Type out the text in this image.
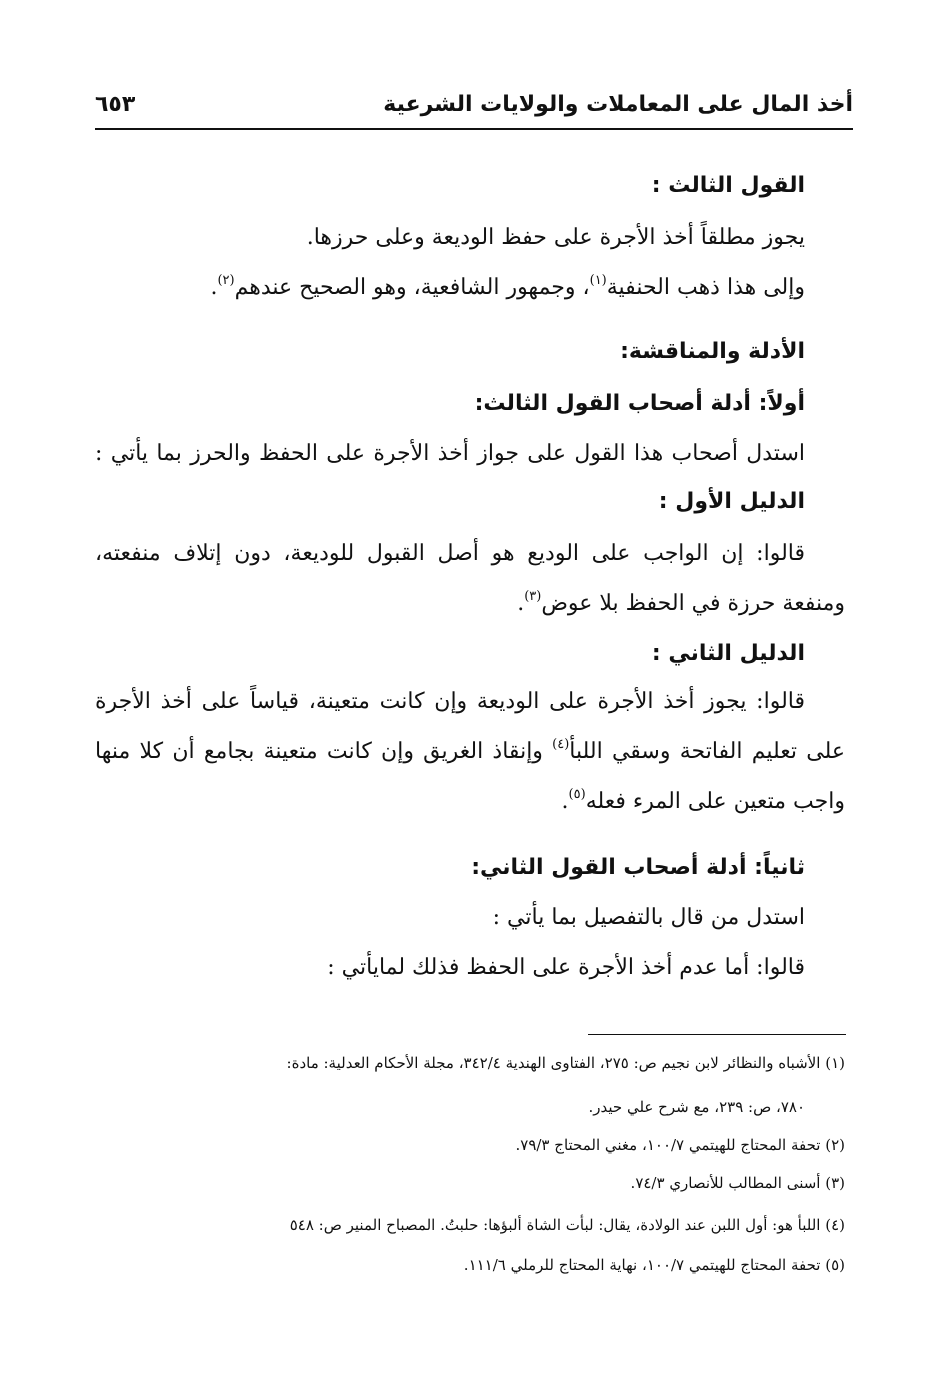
أخذ المال على المعاملات والولايات الشرعية
٦٥٣
القول الثالث :
يجوز مطلقاً أخذ الأجرة على حفظ الوديعة وعلى حرزها.
وإلى هذا ذهب الحنفية$^{(١)}$، وجمهور الشافعية، وهو الصحيح عندهم$^{(٢)}$.
الأدلة والمناقشة:
أولاً: أدلة أصحاب القول الثالث:
استدل أصحاب هذا القول على جواز أخذ الأجرة على الحفظ والحرز بما يأتي :
الدليل الأول :
قالوا: إن الواجب على الوديع هو أصل القبول للوديعة، دون إتلاف منفعته،
ومنفعة حرزة في الحفظ بلا عوض$^{(٣)}$.
الدليل الثاني :
قالوا: يجوز أخذ الأجرة على الوديعة وإن كانت متعينة، قياساً على أخذ الأجرة
على تعليم الفاتحة وسقي اللبأ$^{(٤)}$ وإنقاذ الغريق وإن كانت متعينة بجامع أن كلا منها
واجب متعين على المرء فعله$^{(٥)}$.
ثانياً: أدلة أصحاب القول الثاني:
استدل من قال بالتفصيل بما يأتي :
قالوا: أما عدم أخذ الأجرة على الحفظ فذلك لمايأتي :
(١) الأشباه والنظائر لابن نجيم ص: ٢٧٥، الفتاوى الهندية ٣٤٢/٤، مجلة الأحكام العدلية: مادة:
٧٨٠، ص: ٢٣٩، مع شرح علي حيدر.
(٢) تحفة المحتاج للهيتمي ١٠٠/٧، مغني المحتاج ٧٩/٣.
(٣) أسنى المطالب للأنصاري ٧٤/٣.
(٤) اللبأ هو: أول اللبن عند الولادة، يقال: لبأت الشاة ألبؤها: حلبتُ. المصباح المنير ص: ٥٤٨
(٥) تحفة المحتاج للهيتمي ١٠٠/٧، نهاية المحتاج للرملي ١١١/٦.
